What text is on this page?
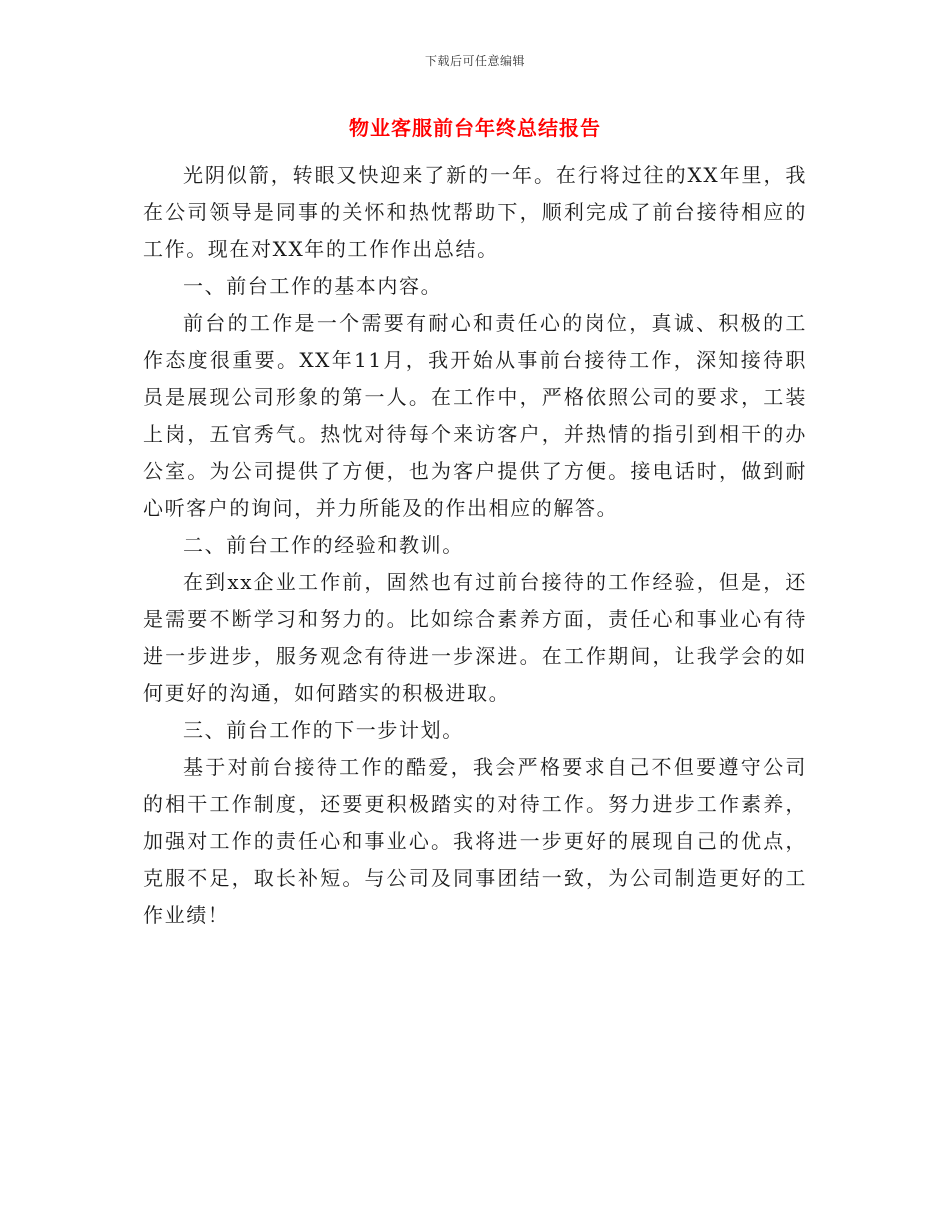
下载后可任意编辑
物业客服前台年终总结报告

光阴似箭，转眼又快迎来了新的一年。在行将过往的XX年里，我在公司领导是同事的关怀和热忱帮助下，顺利完成了前台接待相应的工作。现在对XX年的工作作出总结。

一、前台工作的基本内容。

前台的工作是一个需要有耐心和责任心的岗位，真诚、积极的工作态度很重要。XX年11月，我开始从事前台接待工作，深知接待职员是展现公司形象的第一人。在工作中，严格依照公司的要求，工装上岗，五官秀气。热忱对待每个来访客户，并热情的指引到相干的办公室。为公司提供了方便，也为客户提供了方便。接电话时，做到耐心听客户的询问，并力所能及的作出相应的解答。

二、前台工作的经验和教训。

在到xx企业工作前，固然也有过前台接待的工作经验，但是，还是需要不断学习和努力的。比如综合素养方面，责任心和事业心有待进一步进步，服务观念有待进一步深进。在工作期间，让我学会的如何更好的沟通，如何踏实的积极进取。

三、前台工作的下一步计划。

基于对前台接待工作的酷爱，我会严格要求自己不但要遵守公司的相干工作制度，还要更积极踏实的对待工作。努力进步工作素养，加强对工作的责任心和事业心。我将进一步更好的展现自己的优点，克服不足，取长补短。与公司及同事团结一致，为公司制造更好的工作业绩！
